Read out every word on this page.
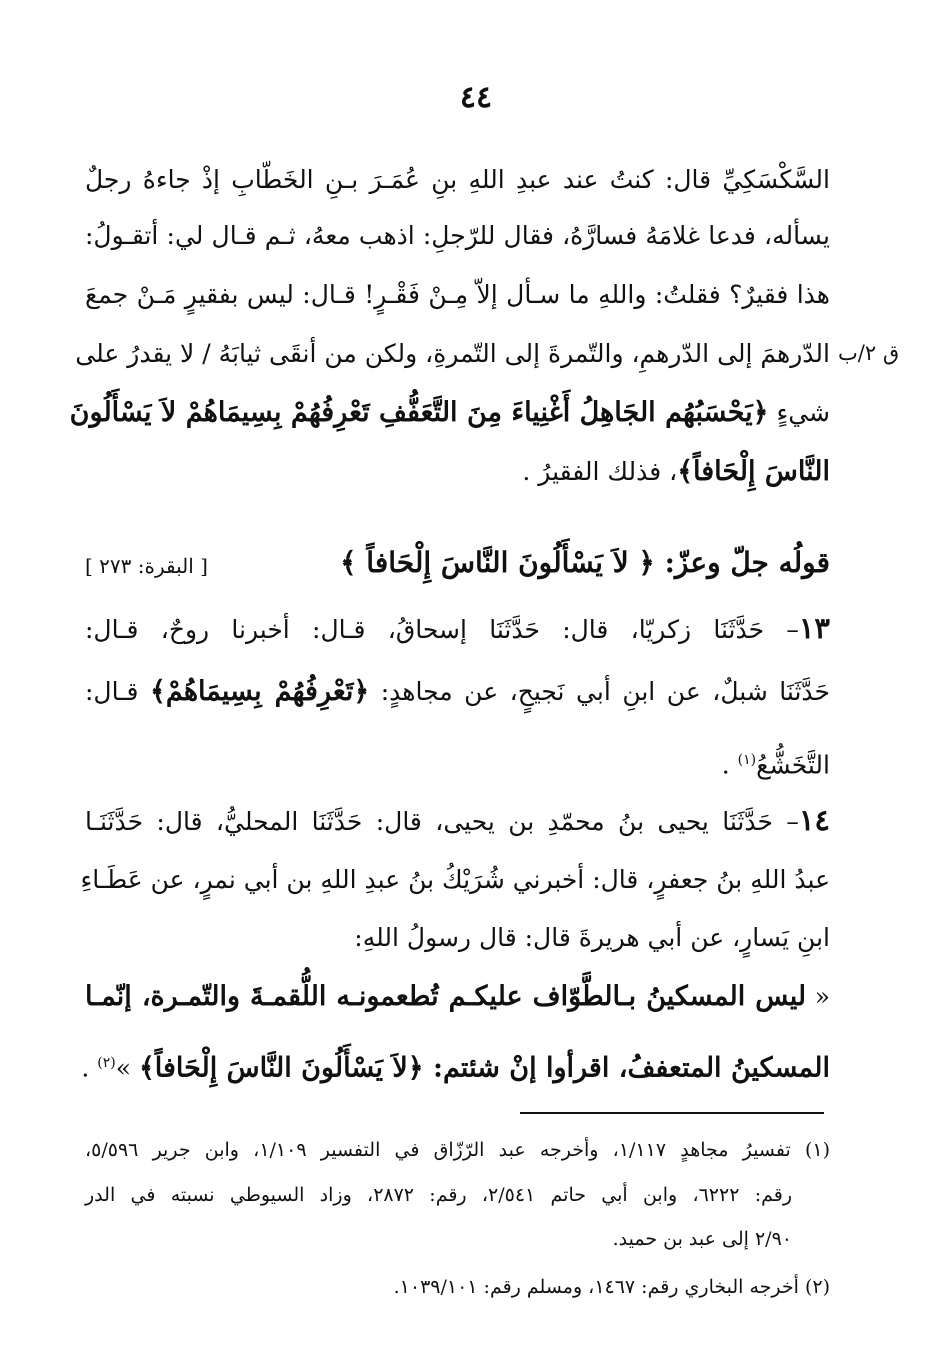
٤٤
ق ٢/ب
السَّكْسَكِيِّ قال: كنتُ عند عبدِ اللهِ بنِ عُمَـرَ بـنِ الخَطّابِ إذْ جاءهُ رجلٌ
يسأله، فدعا غلامَهُ فسارَّهُ، فقال للرّجلِ: اذهب معهُ، ثـم قـال لي: أتقـولُ:
هذا فقيرٌ؟ فقلتُ: واللهِ ما سـأل إلاّ مِـنْ فَقْـرٍ! قـال: ليس بفقيرٍ مَـنْ جمعَ
الدّرهمَ إلى الدّرهمِ، والتّمرةَ إلى التّمرةِ، ولكن من أنقَى ثيابَهُ / لا يقدرُ على
شيءٍ ﴿يَحْسَبُهُم الجَاهِلُ أَغْنِياءَ مِنَ التَّعَفُّفِ تَعْرِفُهُمْ بِسِيمَاهُمْ لاَ يَسْأَلُونَ
النَّاسَ إِلْحَافاً﴾، فذلك الفقيرُ .
قولُه جلّ وعزّ: ﴿ لاَ يَسْأَلُونَ النَّاسَ إِلْحَافاً ﴾
[ البقرة: ٢٧٣ ]
١٣– حَدَّثَنَا زكريّا، قال: حَدَّثَنَا إسحاقُ، قـال: أخبرنا روحٌ، قـال:
حَدَّثَنَا شبلٌ، عن ابنِ أبي نَجيحٍ، عن مجاهدٍ: ﴿تَعْرِفُهُمْ بِسِيمَاهُمْ﴾ قـال:
التَّخَشُّعُ$^{(١)}$ .
١٤– حَدَّثَنَا يحيى بنُ محمّدِ بن يحيى، قال: حَدَّثَنَا المحليُّ، قال: حَدَّثَنَـا
عبدُ اللهِ بنُ جعفرٍ، قال: أخبرني شُرَيْكُ بنُ عبدِ اللهِ بن أبي نمرٍ، عن عَطَـاءِ
ابنِ يَسارٍ، عن أبي هريرةَ قال: قال رسولُ اللهِ:
« ليس المسكينُ بـالطَّوّاف عليكـم تُطعمونـه اللُّقمـةَ والتّمـرة، إنّمـا
المسكينُ المتعففُ، اقرأوا إنْ شئتم: ﴿لاَ يَسْأَلُونَ النَّاسَ إِلْحَافاً﴾ »$^{(٢)}$ .
(١) تفسيرُ مجاهدٍ ١/١١٧، وأخرجه عبد الرّزّاق في التفسير ١/١٠٩، وابن جرير ٥/٥٩٦،
رقم: ٦٢٢٢، وابن أبي حاتم ٢/٥٤١، رقم: ٢٨٧٢، وزاد السيوطي نسبته في الدر
٢/٩٠ إلى عبد بن حميد.
(٢) أخرجه البخاري رقم: ١٤٦٧، ومسلم رقم: ١٠٣٩/١٠١.
